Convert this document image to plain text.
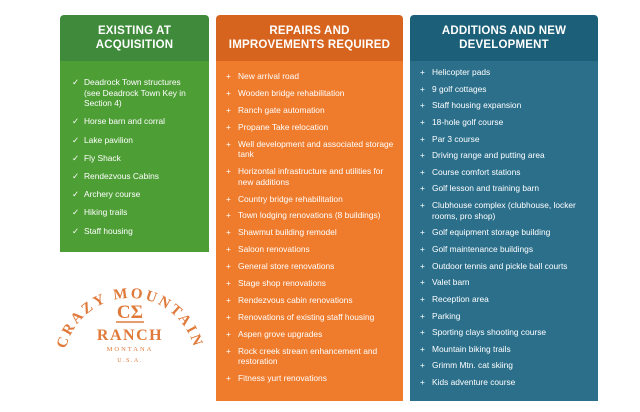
EXISTING AT ACQUISITION
✓ Deadrock Town structures (see Deadrock Town Key in Section 4)
✓ Horse barn and corral
✓ Lake pavilion
✓ Fly Shack
✓ Rendezvous Cabins
✓ Archery course
✓ Hiking trails
✓ Staff housing
REPAIRS AND IMPROVEMENTS REQUIRED
+ New arrival road
+ Wooden bridge rehabilitation
+ Ranch gate automation
+ Propane Take relocation
+ Well development and associated storage tank
+ Horizontal infrastructure and utilities for new additions
+ Country bridge rehabilitation
+ Town lodging renovations (8 buildings)
+ Shawmut building remodel
+ Saloon renovations
+ General store renovations
+ Stage shop renovations
+ Rendezvous cabin renovations
+ Renovations of existing staff housing
+ Aspen grove upgrades
+ Rock creek stream enhancement and restoration
+ Fitness yurt renovations
ADDITIONS AND NEW DEVELOPMENT
+ Helicopter pads
+ 9 golf cottages
+ Staff housing expansion
+ 18-hole golf course
+ Par 3 course
+ Driving range and putting area
+ Course comfort stations
+ Golf lesson and training barn
+ Clubhouse complex (clubhouse, locker rooms, pro shop)
+ Golf equipment storage building
+ Golf maintenance buildings
+ Outdoor tennis and pickle ball courts
+ Valet barn
+ Reception area
+ Parking
+ Sporting clays shooting course
+ Mountain biking trails
+ Grimm Mtn. cat skiing
+ Kids adventure course
CRAZY MOUNTAIN
CΣ
RANCH
MONTANA
U.S.A.
